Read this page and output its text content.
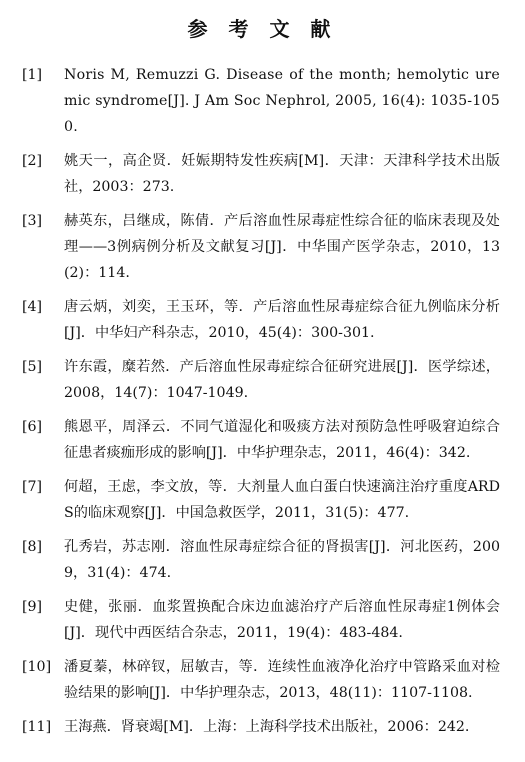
参 考 文 献
[1]	Noris M, Remuzzi G. Disease of the month; hemolytic uremic syndrome[J]. J Am Soc Nephrol, 2005, 16(4): 1035-1050.
[2]	姚天一，高企贤．妊娠期特发性疾病[M]．天津：天津科学技术出版社，2003：273.
[3]	赫英东，吕继成，陈倩．产后溶血性尿毒症性综合征的临床表现及处理——3例病例分析及文献复习[J]．中华围产医学杂志，2010，13(2)：114.
[4]	唐云炳，刘奕，王玉环，等．产后溶血性尿毒症综合征九例临床分析[J]．中华妇产科杂志，2010，45(4)：300-301.
[5]	许东霞，糜若然．产后溶血性尿毒症综合征研究进展[J]．医学综述，2008，14(7)：1047-1049.
[6]	熊恩平，周泽云．不同气道湿化和吸痰方法对预防急性呼吸窘迫综合征患者痰痂形成的影响[J]．中华护理杂志，2011，46(4)：342.
[7]	何超，王虑，李文放，等．大剂量人血白蛋白快速滴注治疗重度ARDS的临床观察[J]．中国急救医学，2011，31(5)：477.
[8]	孔秀岩，苏志刚．溶血性尿毒症综合征的肾损害[J]．河北医药，2009，31(4)：474.
[9]	史健，张丽．血浆置换配合床边血滤治疗产后溶血性尿毒症1例体会[J]．现代中西医结合杂志，2011，19(4)：483-484.
[10] 潘夏蓁，林碎钗，屈敏吉，等．连续性血液净化治疗中管路采血对检验结果的影响[J]．中华护理杂志，2013，48(11)：1107-1108.
[11] 王海燕．肾衰竭[M]．上海：上海科学技术出版社，2006：242.
